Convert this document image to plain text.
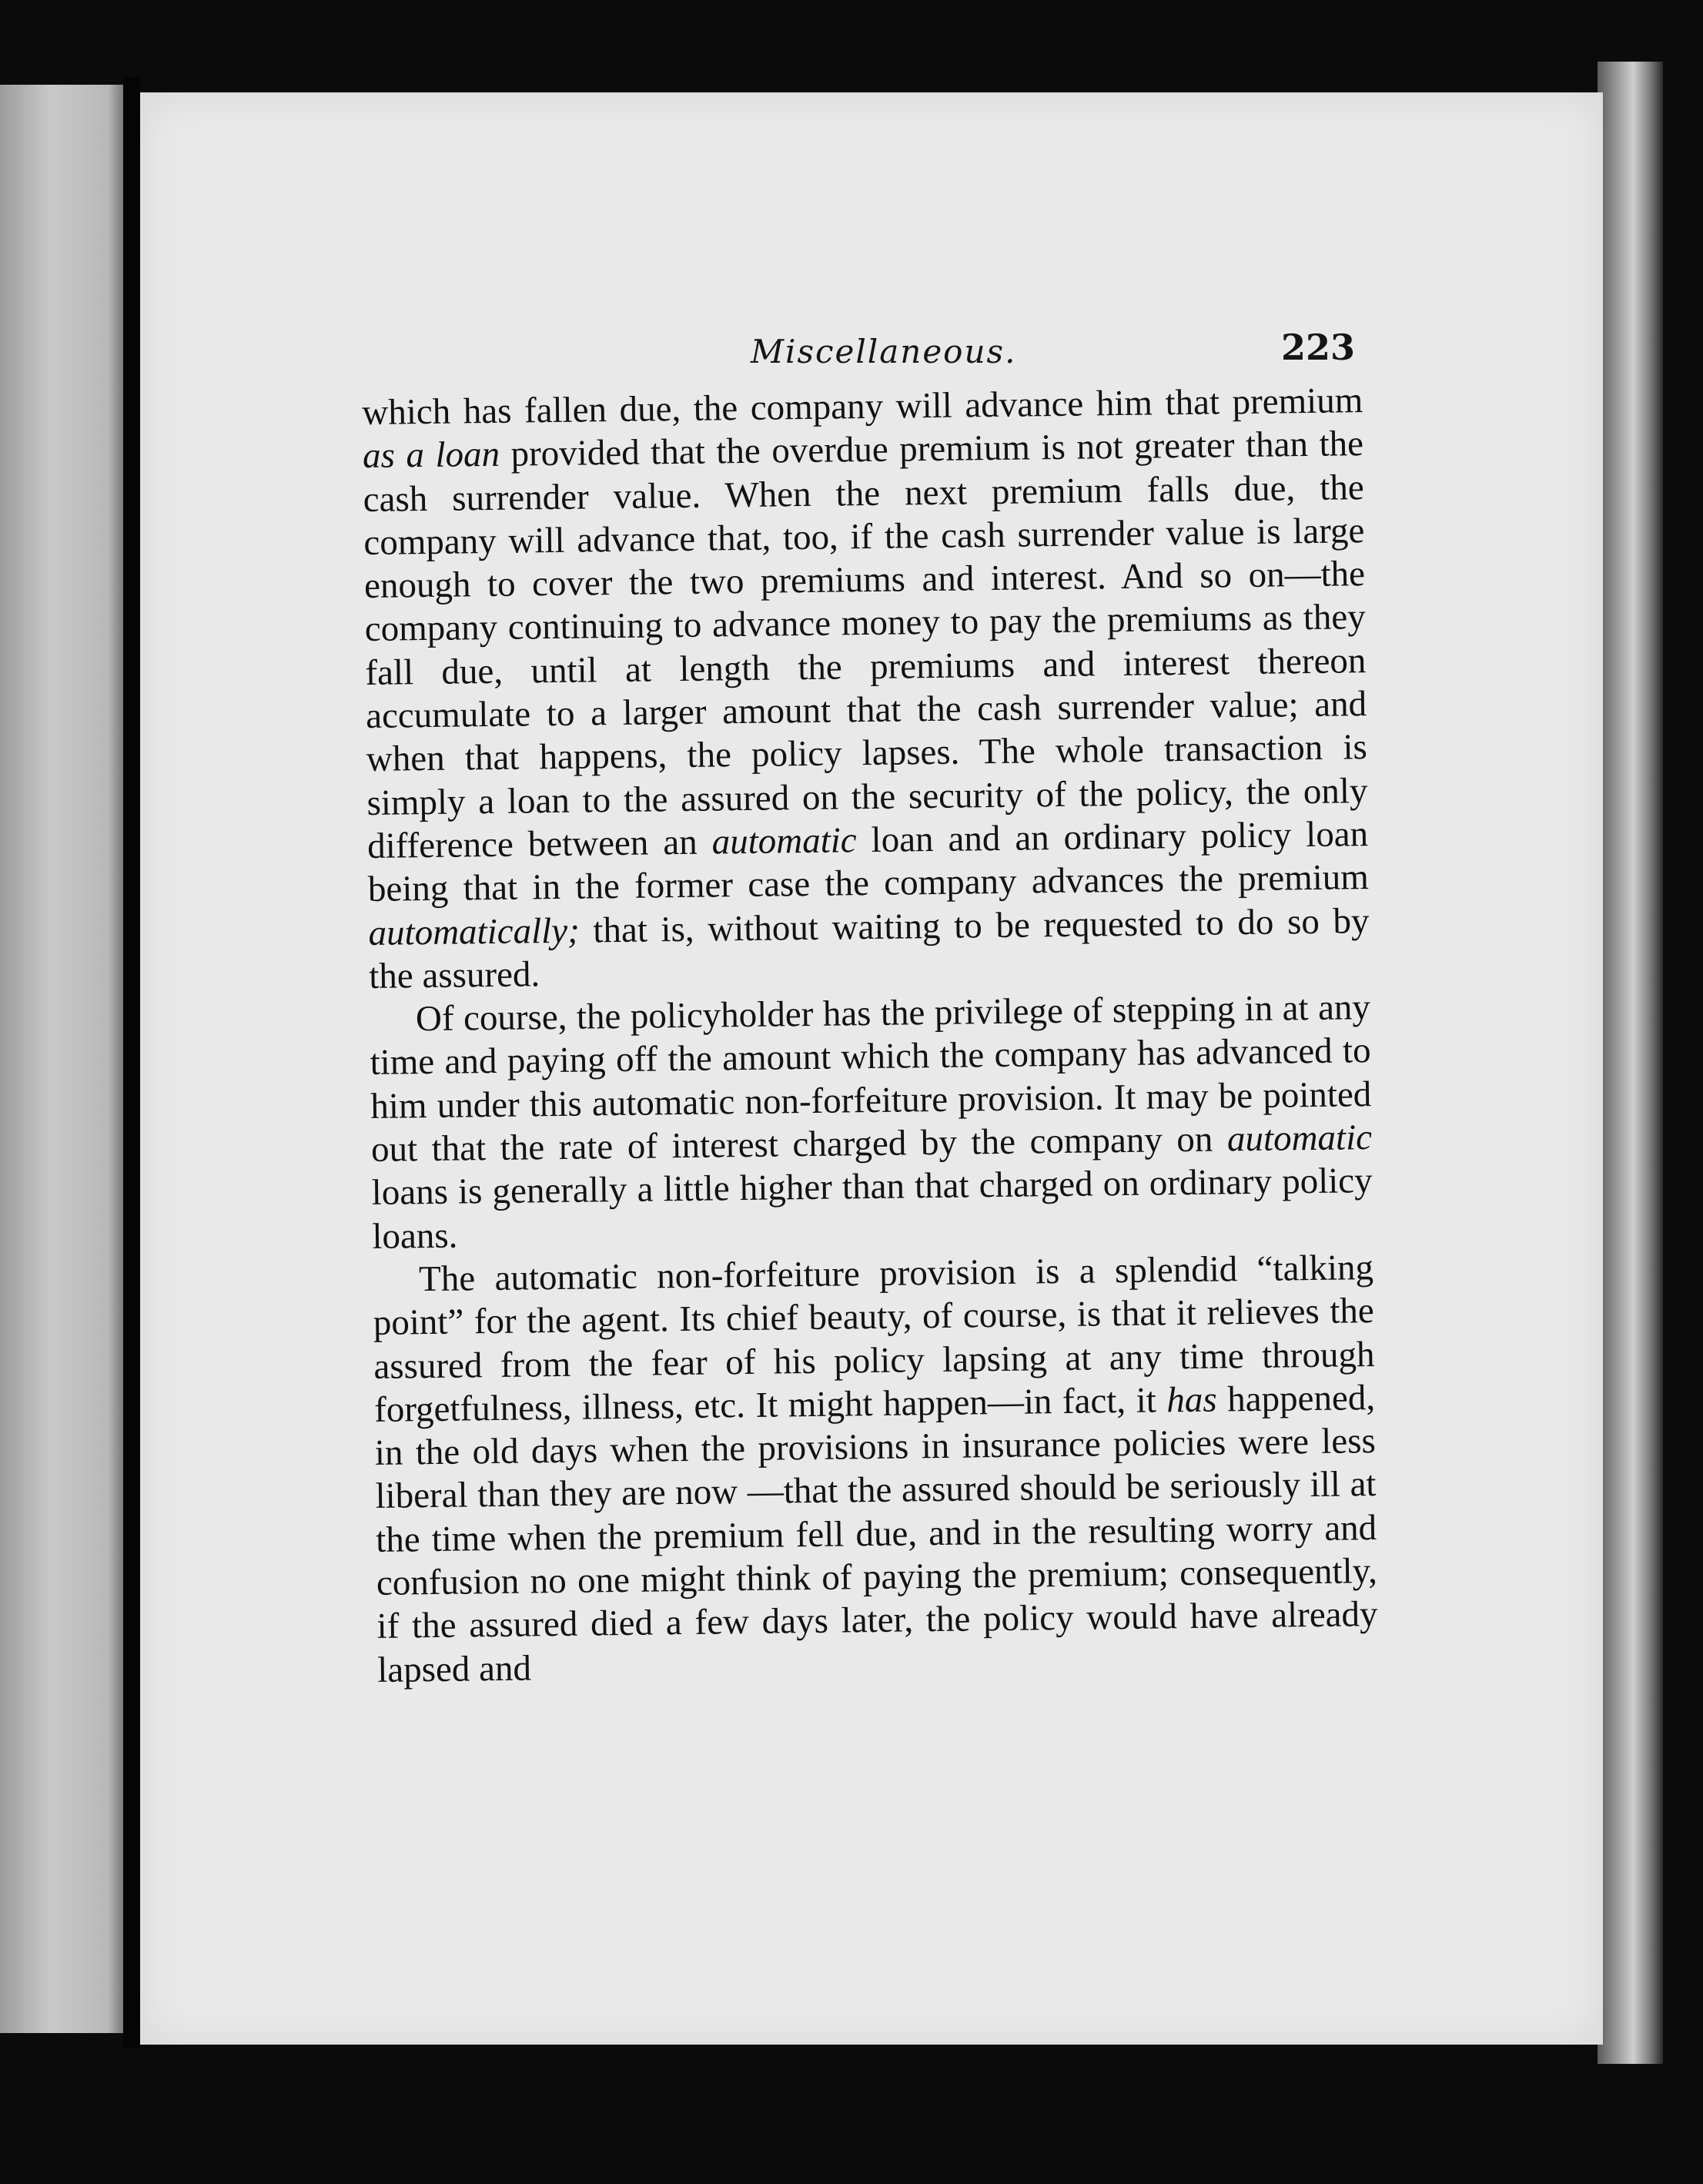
Miscellaneous.	223

which has fallen due, the company will advance him that premium as a loan provided that the overdue premium is not greater than the cash surrender value. When the next premium falls due, the company will advance that, too, if the cash surrender value is large enough to cover the two premiums and interest. And so on—the company continuing to advance money to pay the premiums as they fall due, until at length the premiums and interest thereon accumulate to a larger amount that the cash surrender value; and when that happens, the policy lapses. The whole transaction is simply a loan to the assured on the security of the policy, the only difference between an automatic loan and an ordinary policy loan being that in the former case the company advances the premium automatically; that is, without waiting to be requested to do so by the assured.

Of course, the policyholder has the privilege of stepping in at any time and paying off the amount which the company has advanced to him under this automatic non-forfeiture provision. It may be pointed out that the rate of interest charged by the company on automatic loans is generally a little higher than that charged on ordinary policy loans.

The automatic non-forfeiture provision is a splendid “talking point” for the agent. Its chief beauty, of course, is that it relieves the assured from the fear of his policy lapsing at any time through forgetfulness, illness, etc. It might happen—in fact, it has happened, in the old days when the provisions in insurance policies were less liberal than they are now —that the assured should be seriously ill at the time when the premium fell due, and in the resulting worry and confusion no one might think of paying the premium; consequently, if the assured died a few days later, the policy would have already lapsed and
